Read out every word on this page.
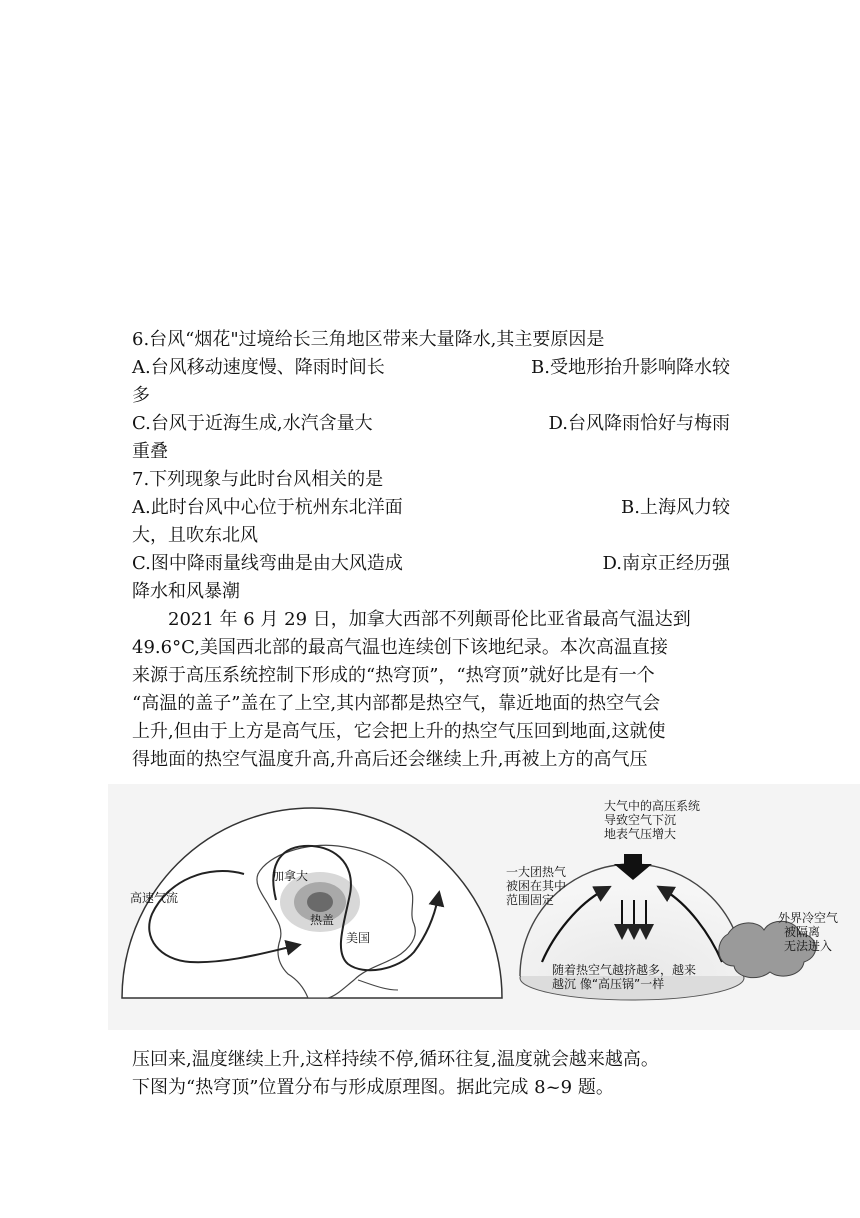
6.台风“烟花"过境给长三角地区带来大量降水,其主要原因是
A.台风移动速度慢、降雨时间长	B.受地形抬升影响降水较
多
C.台风于近海生成,水汽含量大	D.台风降雨恰好与梅雨
重叠
7.下列现象与此时台风相关的是
A.此时台风中心位于杭州东北洋面	B.上海风力较
大，且吹东北风
C.图中降雨量线弯曲是由大风造成	D.南京正经历强
降水和风暴潮
2021 年 6 月 29 日，加拿大西部不列颠哥伦比亚省最高气温达到
49.6°C,美国西北部的最高气温也连续创下该地纪录。本次高温直接
来源于高压系统控制下形成的“热穹顶”，“热穹顶”就好比是有一个
“高温的盖子”盖在了上空,其内部都是热空气，靠近地面的热空气会
上升,但由于上方是高气压，它会把上升的热空气压回到地面,这就使
得地面的热空气温度升高,升高后还会继续上升,再被上方的高气压
高速气流
加拿大
热盖
美国
大气中的高压系统
导致空气下沉
地表气压增大
一大团热气
被困在其中
范围固定
外界冷空气
被隔离
无法进入
随着热空气越挤越多，越来
越沉 像“高压锅”一样
压回来,温度继续上升,这样持续不停,循环往复,温度就会越来越高。
下图为“热穹顶”位置分布与形成原理图。据此完成 8~9 题。
